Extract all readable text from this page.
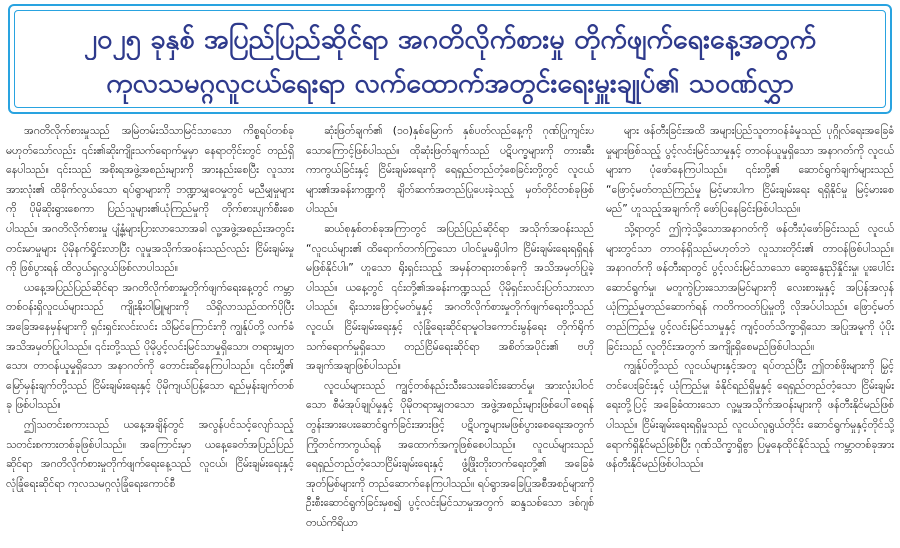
၂၀၂၅ ခုနှစ် အပြည်ပြည်ဆိုင်ရာ အဂတိလိုက်စားမှု တိုက်ဖျက်ရေးနေ့အတွက်
ကုလသမဂ္ဂလူငယ်ရေးရာ လက်ထောက်အတွင်းရေးမှူးချုပ်၏ သဝဏ်လွှာ

အဂတိလိုက်စားမှုသည် အမြဲတမ်းသိသာမြင်သာသော ကိစ္စရပ်တစ်ခုမဟုတ်သော်လည်း ၎င်း၏ဆိုးကျိုးသက်ရောက်မှုမှာ နေရာတိုင်းတွင် တည်ရှိနေပါသည်။ ၎င်းသည် အစိုးရအဖွဲ့အစည်းများကို အားနည်းစေပြီး လူသားအားလုံး၏ ထိခိုက်လွယ်သော ရပ်ရွာများကို ဘဏ္ဍာမျှဝေမှုတွင် မညီမျှမှုများကို ပိုမိုဆိုးရွားစေကာ ပြည်သူများ၏ယုံကြည်မှုကို တိုက်စားပျက်စီးစေပါသည်။ အဂတိလိုက်စားမှု ပျံ့နှံ့များပြားလာသောအခါ လူ့အဖွဲ့အစည်းအတွင်း တင်းမာမှုများ ပိုမိုနက်ရှိုင်းလာပြီး လူမှုအသိုက်အဝန်းသည်လည်း ငြိမ်းချမ်းမှုကို ဖြစ်ပွားရန် ထိလွယ်ရှလွယ်ဖြစ်လာပါသည်။

ယနေ့အပြည်ပြည်ဆိုင်ရာ အဂတိလိုက်စားမှုတိုက်ဖျက်ရေးနေ့တွင် ကမ္ဘာတစ်ဝန်းရှိလူငယ်များသည် ကျိုးနိုးဝါမြူများကို သိရှိလာသည်ထက်ပိုပြီး အခြေအနေမှန်များကို ရှင်းရှင်းလင်းလင်း သိမြင်ကြောင်းကို ကျွန်ုပ်တို့ လက်ခံအသိအမှတ်ပြုပါသည်။ ၎င်းတို့သည် ပိုမိုပွင့်လင်းမြင်သာမှုရှိသော၊ တရားမျှတသော၊ တာဝန်ယူမှုရှိသော အနာဂတ်ကို တောင်းဆိုနေကြပါသည်။ ၎င်းတို့၏ မြော်မှန်းချက်တို့သည် ငြိမ်းချမ်းရေးနှင့် ပိုမိုကျယ်ပြန့်သော ရည်မှန်းချက်တစ်ခု ဖြစ်ပါသည်။

ဤသတင်းစကားသည် ယနေ့အချိန်တွင် အလွန်ပင်သင့်လျော်သည့် သတင်းစကားတစ်ခုဖြစ်ပါသည်။ အကြောင်းမှာ ယနေ့ခေတ်အပြည်ပြည်ဆိုင်ရာ အဂတိလိုက်စားမှုတိုက်ဖျက်ရေးနေ့သည် လူငယ်၊ ငြိမ်းချမ်းရေးနှင့် လုံခြုံရေးဆိုင်ရာ ကုလသမဂ္ဂလုံခြုံရေးကောင်စီ

ဆုံးဖြတ်ချက်၏ (၁၀)နှစ်မြောက် နှစ်ပတ်လည်နေ့ကို ဂုဏ်ပြုကျင်းပသောကြောင့်ဖြစ်ပါသည်။ ထိုဆုံးဖြတ်ချက်သည် ပဋိပက္ခများကို တားဆီးကာကွယ်ခြင်းနှင့် ငြိမ်းချမ်းရေးကို ရေရှည်တည်တံ့စေခြင်းတို့တွင် လူငယ်များ၏အခန်းကဏ္ဍကို ချိတ်ဆက်အတည်ပြုပေးခဲ့သည့် မှတ်တိုင်တစ်ခုဖြစ်ပါသည်။

ဆယ်စုနှစ်တစ်ခုအကြာတွင် အပြည်ပြည်ဆိုင်ရာ အသိုက်အဝန်းသည် “လူငယ်များ၏ ထိရောက်တက်ကြွသော ပါဝင်မှုမရှိပါက ငြိမ်းချမ်းရေးရရှိရန် မဖြစ်နိုင်ပါ။” ဟူသော ရိုးရှင်းသည့် အမှန်တရားတစ်ခုကို အသိအမှတ်ပြုခဲ့ပါသည်။ ယနေ့တွင် ၎င်းတို့၏အခန်းကဏ္ဍသည် ပိုမိုရှင်းလင်းပြတ်သားလာပါသည်။ ရိုးသားဖြောင့်မတ်မှုနှင့် အဂတိလိုက်စားမှုတိုက်ဖျက်ရေးတို့သည် လူငယ်၊ ငြိမ်းချမ်းရေးနှင့် လုံခြုံရေးဆိုင်ရာမူဝါဒကောင်းမွန်ရေး တိုက်ရိုက်သက်ရောက်မှုရှိသော တည်ငြိမ်ရေးဆိုင်ရာ အစိတ်အပိုင်း၏ ဗဟိုအချက်အချာဖြစ်ပါသည်။

လူငယ်များသည် ကျွင့်တစ်နည်းသီးသေးခေါင်းဆောင်မှု၊ အားလုံးပါဝင်သော စီမံအုပ်ချုပ်မှုနှင့် ပိုမိုတရားမျှတသော အဖွဲ့အစည်းများဖြစ်ပေါ်စေရန် တွန်းအားပေးဆောင်ရွက်ခြင်းအားဖြင့် ပဋိပက္ခများမဖြစ်ပွားစေရေးအတွက် ကြိုတင်ကာကွယ်ရန် အထောက်အကူဖြစ်စေပါသည်။ လူငယ်များသည် ရေရှည်တည်တံ့သောငြိမ်းချမ်းရေးနှင့် ဖွံ့ဖြိုးတိုးတက်ရေးတို့၏ အခြေခံအုတ်မြစ်များကို တည်ဆောက်နေကြပါသည်။ ရပ်ရွာအခြေပြုအစီအစဉ်များကို ဦးစီးဆောင်ရွက်ခြင်းမှစ၍ ပွင့်လင်းမြင်သာမှုအတွက် ဆန္ဒသစ်သော ဒစ်ဂျစ်တယ်ကိရိယာ

များ ဖန်တီးခြင်းအထိ အများပြည်သူတာဝန်ခံမှုသည် ပုဂ္ဂိုလ်ရေးအခြေခံမှုများဖြစ်သည့် ပွင့်လင်းမြင်သာမှုနှင့် တာဝန်ယူမှုရှိသော အနာဂတ်ကို လူငယ်များက ပုံဖော်နေကြပါသည်။ ၎င်းတို့၏ ဆောင်ရွက်ချက်များသည် “ဖြောင့်မတ်တည်ကြည်မှု မြင့်မားပါက ငြိမ်းချမ်းရေး ရရှိနိုင်မှု မြင့်မားစေမည်” ဟူသည့်အချက်ကို ဖော်ပြနေခြင်းဖြစ်ပါသည်။

သို့ရာတွင် ဤကဲ့သို့သောအနာဂတ်ကို ဖန်တီးပုံဖော်ခြင်းသည် လူငယ်များတွင်သာ တာဝန်ရှိသည်မဟုတ်ဘဲ လူသားတိုင်း၏ တာဝန်ဖြစ်ပါသည်။ အနာဂတ်ကို ဖန်တီးရာတွင် ပွင့်လင်းမြင်သာသော ဆွေးနွေးညှိနှိုင်းမှု၊ ပူးပေါင်းဆောင်ရွက်မှု၊ မတူကွဲပြားသောအမြင်များကို လေးစားမှုနှင့် အပြန်အလှန် ယုံကြည်မှုတည်ဆောက်ရန် ကတိကဝတ်ပြုမှုတို့ လိုအပ်ပါသည်။ ဖြောင့်မတ်တည်ကြည်မှု ပွင့်လင်းမြင်သာမှုနှင့် ကျင့်ဝတ်သိက္ခာရှိသော အပြုအမူကို ပုံပိုးခြင်းသည် လူတိုင်းအတွက် အကျိုးရှိစေမည်ဖြစ်ပါသည်။

ကျွန်ုပ်တို့သည် လူငယ်များနှင့်အတူ ရပ်တည်ပြီး ဤတစ်ဖိုးများကို မြှင့်တင်ပေးခြင်းနှင့် ယုံကြည်မှု၊ ခံနိုင်ရည်ရှိမှုနှင့် ရေရှည်တည်တံ့သော ငြိမ်းချမ်းရေးတို့ပြင့် အခြေခံထားသော လူ့မှုအသိုက်အဝန်းများကို ဖန်တီးနိုင်မည်ဖြစ်ပါသည်။ ငြိမ်းချမ်းရေးရရှိမှုသည် လူငယ်လူရွယ်တိုင်း ဆောင်ရွက်မှုနှင့်တိုင်သို့ ရောက်ရှိနိုင်မည်ဖြစ်ပြီး ဂုဏ်သိက္ခာရှိစွာ ပြမှုနေထိုင်နိုင်သည့် ကမ္ဘာတစ်ခုအား ဖန်တီးနိုင်မည်ဖြစ်ပါသည်။
